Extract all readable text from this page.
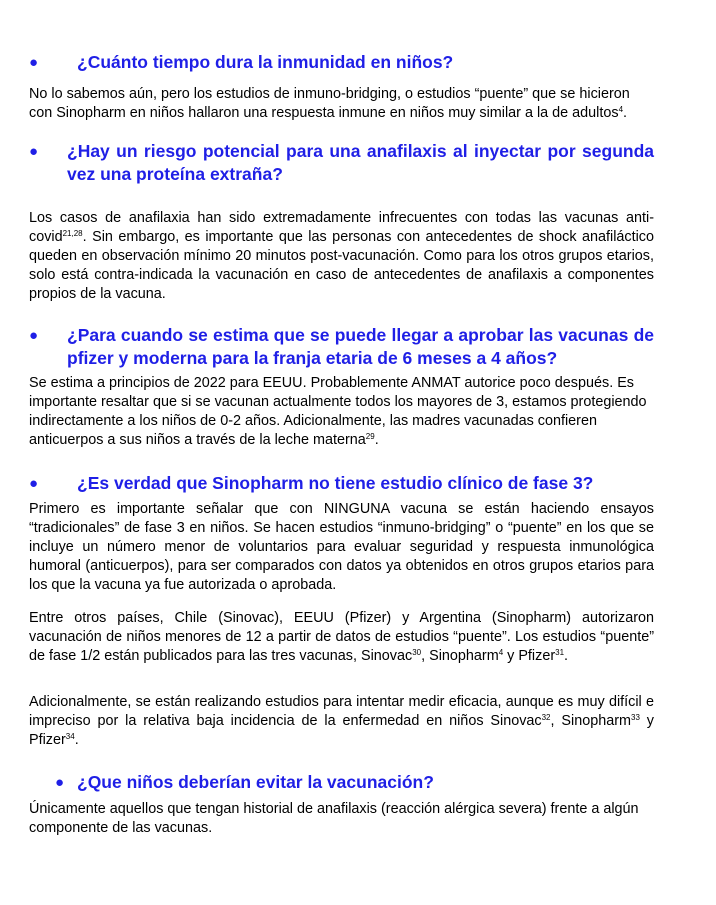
● ¿Cuánto tiempo dura la inmunidad en niños?
No lo sabemos aún, pero los estudios de inmuno-bridging, o estudios “puente” que se hicieron con Sinopharm en niños hallaron una respuesta inmune en niños muy similar a la de adultos$^4$.
● ¿Hay un riesgo potencial para una anafilaxis al inyectar por segunda vez una proteína extraña?
Los casos de anafilaxia han sido extremadamente infrecuentes con todas las vacunas anti-covid$^{21,28}$. Sin embargo, es importante que las personas con antecedentes de shock anafiláctico queden en observación mínimo 20 minutos post-vacunación. Como para los otros grupos etarios, solo está contra-indicada la vacunación en caso de antecedentes de anafilaxis a componentes propios de la vacuna.
● ¿Para cuando se estima que se puede llegar a aprobar las vacunas de pfizer y moderna para la franja etaria de 6 meses a 4 años?
Se estima a principios de 2022 para EEUU. Probablemente ANMAT autorice poco después. Es importante resaltar que si se vacunan actualmente todos los mayores de 3, estamos protegiendo indirectamente a los niños de 0-2 años. Adicionalmente, las madres vacunadas confieren anticuerpos a sus niños a través de la leche materna$^{29}$.
● ¿Es verdad que Sinopharm no tiene estudio clínico de fase 3?
Primero es importante señalar que con NINGUNA vacuna se están haciendo ensayos “tradicionales” de fase 3 en niños. Se hacen estudios “inmuno-bridging” o “puente” en los que se incluye un número menor de voluntarios para evaluar seguridad y respuesta inmunológica humoral (anticuerpos), para ser comparados con datos ya obtenidos en otros grupos etarios para los que la vacuna ya fue autorizada o aprobada.
Entre otros países, Chile (Sinovac), EEUU (Pfizer) y Argentina (Sinopharm) autorizaron vacunación de niños menores de 12 a partir de datos de estudios “puente”. Los estudios “puente” de fase 1/2 están publicados para las tres vacunas, Sinovac$^{30}$, Sinopharm$^4$ y Pfizer$^{31}$.
Adicionalmente, se están realizando estudios para intentar medir eficacia, aunque es muy difícil e impreciso por la relativa baja incidencia de la enfermedad en niños Sinovac$^{32}$, Sinopharm$^{33}$ y Pfizer$^{34}$.
● ¿Que niños deberían evitar la vacunación?
Únicamente aquellos que tengan historial de anafilaxis (reacción alérgica severa) frente a algún componente de las vacunas.
